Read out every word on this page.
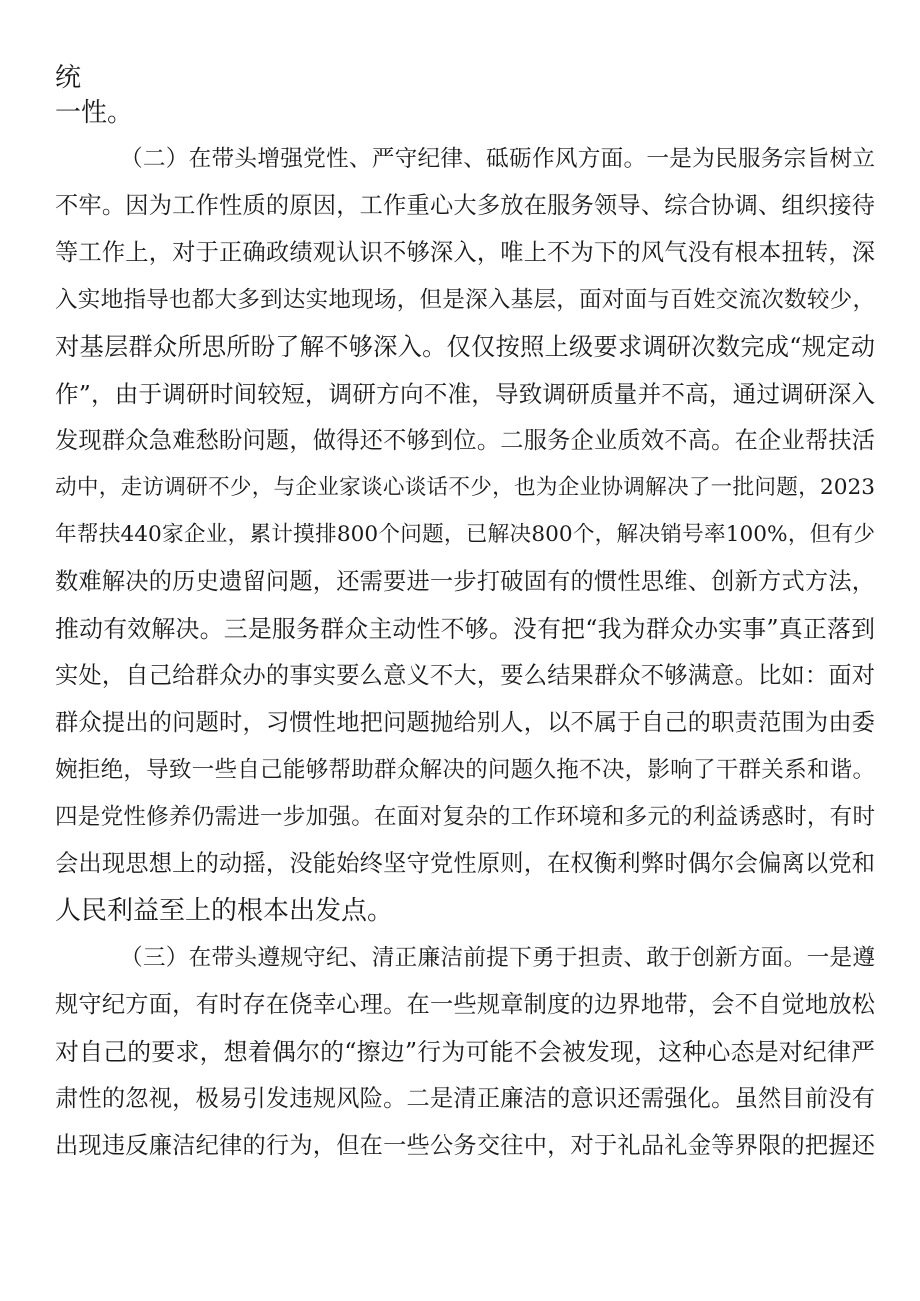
统
一性。
（二）在带头增强党性、严守纪律、砥砺作风方面。一是为民服务宗旨树立
不牢。因为工作性质的原因，工作重心大多放在服务领导、综合协调、组织接待
等工作上，对于正确政绩观认识不够深入，唯上不为下的风气没有根本扭转，深
入实地指导也都大多到达实地现场，但是深入基层，面对面与百姓交流次数较少，
对基层群众所思所盼了解不够深入。仅仅按照上级要求调研次数完成“规定动
作”，由于调研时间较短，调研方向不准，导致调研质量并不高，通过调研深入
发现群众急难愁盼问题，做得还不够到位。二服务企业质效不高。在企业帮扶活
动中，走访调研不少，与企业家谈心谈话不少，也为企业协调解决了一批问题，2023
年帮扶440家企业，累计摸排800个问题，已解决800个，解决销号率100%，但有少
数难解决的历史遗留问题，还需要进一步打破固有的惯性思维、创新方式方法，
推动有效解决。三是服务群众主动性不够。没有把“我为群众办实事”真正落到
实处，自己给群众办的事实要么意义不大，要么结果群众不够满意。比如：面对
群众提出的问题时，习惯性地把问题抛给别人，以不属于自己的职责范围为由委
婉拒绝，导致一些自己能够帮助群众解决的问题久拖不决，影响了干群关系和谐。
四是党性修养仍需进一步加强。在面对复杂的工作环境和多元的利益诱惑时，有时
会出现思想上的动摇，没能始终坚守党性原则，在权衡利弊时偶尔会偏离以党和
人民利益至上的根本出发点。
（三）在带头遵规守纪、清正廉洁前提下勇于担责、敢于创新方面。一是遵
规守纪方面，有时存在侥幸心理。在一些规章制度的边界地带，会不自觉地放松
对自己的要求，想着偶尔的“擦边”行为可能不会被发现，这种心态是对纪律严
肃性的忽视，极易引发违规风险。二是清正廉洁的意识还需强化。虽然目前没有
出现违反廉洁纪律的行为，但在一些公务交往中，对于礼品礼金等界限的把握还
